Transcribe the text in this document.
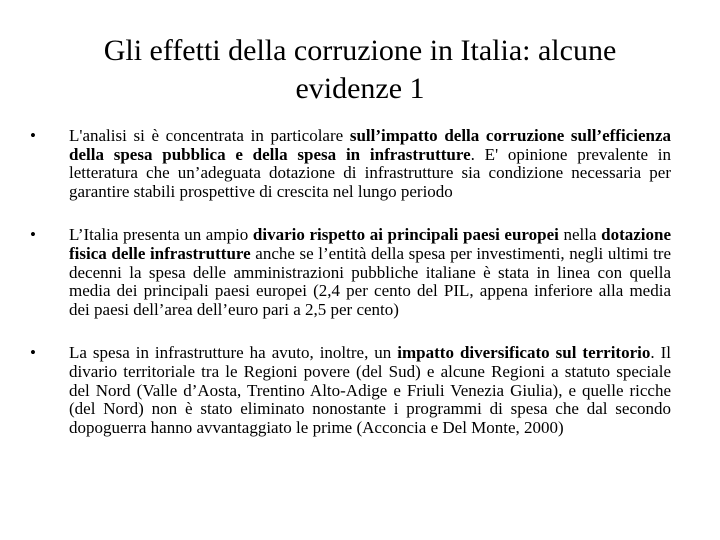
Gli effetti della corruzione in Italia: alcune
evidenze 1
• L'analisi si è concentrata in particolare sull’impatto della corruzione sull’efficienza della spesa pubblica e della spesa in infrastrutture. E' opinione prevalente in letteratura che un’adeguata dotazione di infrastrutture sia condizione necessaria per garantire stabili prospettive di crescita nel lungo periodo
• L’Italia presenta un ampio divario rispetto ai principali paesi europei nella dotazione fisica delle infrastrutture anche se l’entità della spesa per investimenti, negli ultimi tre decenni la spesa delle amministrazioni pubbliche italiane è stata in linea con quella media dei principali paesi europei (2,4 per cento del PIL, appena inferiore alla media dei paesi dell’area dell’euro pari a 2,5 per cento)
• La spesa in infrastrutture ha avuto, inoltre, un impatto diversificato sul territorio. Il divario territoriale tra le Regioni povere (del Sud) e alcune Regioni a statuto speciale del Nord (Valle d’Aosta, Trentino Alto-Adige e Friuli Venezia Giulia), e quelle ricche (del Nord) non è stato eliminato nonostante i programmi di spesa che dal secondo dopoguerra hanno avvantaggiato le prime (Acconcia e Del Monte, 2000)
